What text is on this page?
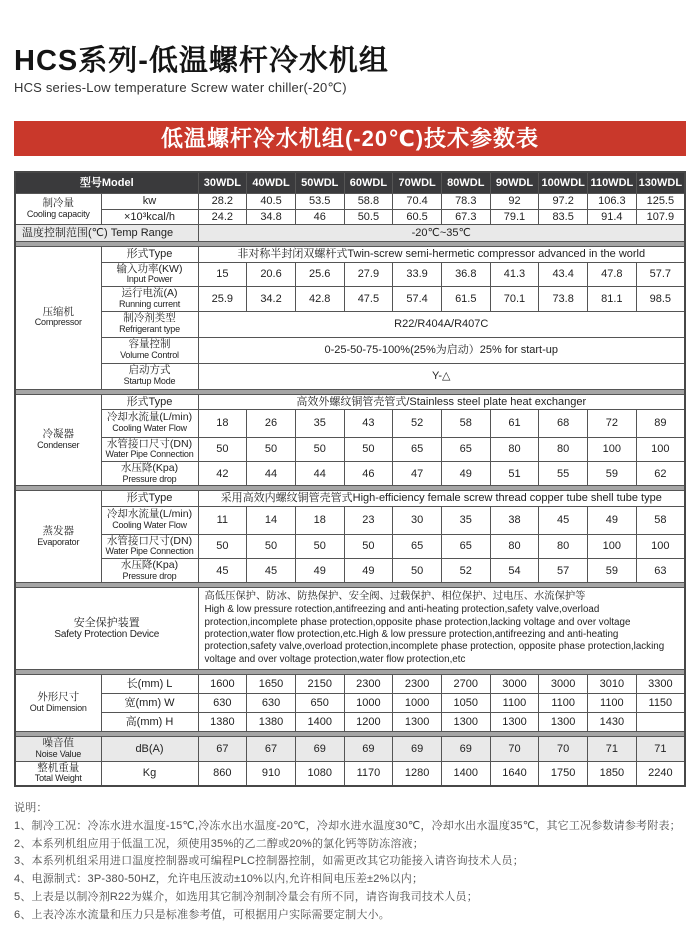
HCS系列-低温螺杆冷水机组
HCS series-Low temperature Screw water chiller(-20℃)
低温螺杆冷水机组(-20℃)技术参数表
型号Model		30WDL	40WDL	50WDL	60WDL	70WDL	80WDL	90WDL	100WDL	110WDL	130WDL

制冷量
Cooling capacity	kw	28.2	40.5	53.5	58.8	70.4	78.3	92	97.2	106.3	125.5
	×10³kcal/h	24.2	34.8	46	50.5	60.5	67.3	79.1	83.5	91.4	107.9
温度控制范围(℃) Temp Range		-20℃~35℃									

压缩机
Compressor	形式Type	非对称半封闭双螺杆式Twin-screw semi-hermetic compressor advanced in the world									

	输入功率(KW)
Input Power	15	20.6	25.6	27.9	33.9	36.8	41.3	43.4	47.8	57.7

	运行电流(A)
Running current	25.9	34.2	42.8	47.5	57.4	61.5	70.1	73.8	81.1	98.5

	制冷剂类型
Refrigerant type	R22/R404A/R407C									

	容量控制
Volume Control	0-25-50-75-100%(25%为启动）25% for start-up									

	启动方式
Startup Mode	Y-△									

冷凝器
Condenser	形式Type	高效外螺纹铜管壳管式/Stainless steel plate heat exchanger									

	冷却水流量(L/min)
Cooling Water Flow	18	26	35	43	52	58	61	68	72	89

	水管接口尺寸(DN)
Water Pipe Connection	50	50	50	50	65	65	80	80	100	100

	水压降(Kpa)
Pressure drop	42	44	44	46	47	49	51	55	59	62

蒸发器
Evaporator	形式Type	采用高效内螺纹铜管壳管式High-efficiency female screw thread copper tube shell tube type									

	冷却水流量(L/min)
Cooling Water Flow	11	14	18	23	30	35	38	45	49	58

	水管接口尺寸(DN)
Water Pipe Connection	50	50	50	50	65	65	80	80	100	100

	水压降(Kpa)
Pressure drop	45	45	49	49	50	52	54	57	59	63

安全保护装置
Safety Protection Device		高低压保护、防冰、防热保护、安全阀、过载保护、相位保护、过电压、水流保护等
High & low pressure rotection,antifreezing and anti-heating protection,safety valve,overload protection,incomplete phase protection,opposite phase protection,lacking voltage and over voltage protection,water flow protection,etc.High & low pressure protection,antifreezing and anti-heating protection,safety valve,overload protection,incomplete phase protection, opposite phase protection,lacking voltage and over voltage protection,water flow protection,etc									

外形尺寸
Out Dimension	长(mm) L	1600	1650	2150	2300	2300	2700	3000	3000	3010	3300
	宽(mm) W	630	630	650	1000	1000	1050	1100	1100	1100	1150
	高(mm) H	1380	1380	1400	1200	1300	1300	1300	1300	1430	

噪音值
Noise Value	dB(A)	67	67	69	69	69	69	70	70	71	71

整机重量
Total Weight	Kg	860	910	1080	1170	1280	1400	1640	1750	1850	2240
说明：
1、制冷工况：冷冻水进水温度-15℃,冷冻水出水温度-20℃，冷却水进水温度30℃，冷却水出水温度35℃，其它工况参数请参考附表；
2、本系列机组应用于低温工况，须使用35%的乙二醇或20%的氯化钙等防冻溶液；
3、本系列机组采用进口温度控制器或可编程PLC控制器控制，如需更改其它功能接入请咨询技术人员；
4、电源制式：3P-380-50HZ，允许电压波动±10%以内,允许相间电压差±2%以内；
5、上表是以制冷剂R22为媒介，如选用其它制冷剂制冷量会有所不同，请咨询我司技术人员；
6、上表冷冻水流量和压力只是标准参考值，可根据用户实际需要定制大小。
